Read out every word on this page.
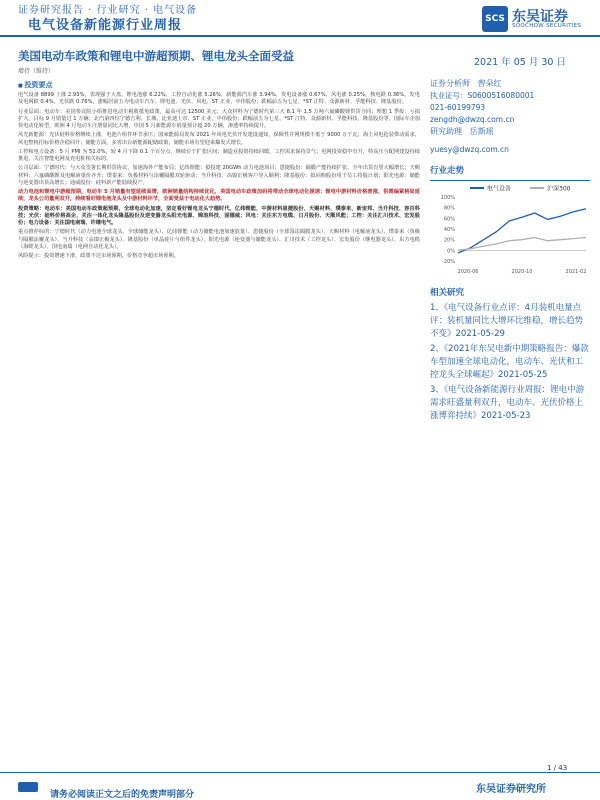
证券研究报告 · 行业研究 · 电气设备
电气设备新能源行业周报	SCS 东吴证券
SOOCHOW SECURITIES
美国电动车政策和锂电中游超预期、锂电龙头全面受益	2021 年 05 月 30 日
增持（维持）
■ 投资要点

电气设备 8899 上涨 2.93%，表现强于大盘。锂电池涨 6.22%，工控自动化涨 5.26%，新能源汽车涨 3.94%，发电设备涨 0.67%，风电涨 0.25%，核电跌 0.36%，发电及电网跌 0.4%，光伏跌 0.76%，涨幅居前五为电动车汽车、锂电池、光伏、风电、ST 正业、中伟股份；跌幅前五为七星、*ST 江特、众源新材、孚能科技、隆基股份。

行业层面：电动车：美国参议院小组推进电动车税收抵免政策，最高可达 12500 美元；大众材料为宁德时代第三大 8.1 年 1.5 万吨六氟磷酸锂供货合同；理想 1 季报：亏损扩大，目标 9 月销量过 1 万辆；北汽第四位宁德吉利、长城、比亚迪上市、ST 正业、中伟股份；跌幅前五为七星、*ST 江特、众源新材、孚能科技、隆基股份等。国际车企加快电动化转型，欧洲 4 月电动车注册量同比大增，中国 5 月新能源车销量预计超 20 万辆，渗透率持续提升。

风光新能源：光伏硅料价格继续上涨，电池片组件环节承压；国家能源局发布 2021 年风电光伏开发建设通知，保障性并网规模不低于 9000 万千瓦；海上风电抢装带动需求，风电整机招标价格企稳回升；储能方面，多省出台新能源配储政策，储能市场有望迎来爆发式增长。

工控和电力设备：5 月 PMI 为 51.0%，较 4 月下降 0.1 个百分点，继续位于扩张区间；制造业投资持续回暖，工控需求保持景气；电网投资稳中有升，特高压与配网建设持续推进，关注智能电网及充电桩相关标的。

公司层面：宁德时代：与大众签署长期供货协议，加速海外产能布局；亿纬锂能：拟投建 20GWh 动力电池项目；恩捷股份：隔膜产能持续扩张，全年出货有望大幅增长；天赐材料：六氟磷酸锂及电解液量价齐升；璞泰来：负极材料与涂覆隔膜双轮驱动；当升科技：高镍正极客户导入顺利；隆基股份：拟回购股份用于员工持股计划；阳光电源：储能与逆变器出货高增长；通威股份：硅料新产能陆续投产。

动力电池和锂电中游超预期，电动车 5 月销量有望延续高增，欧洲销量结构持续优化，美国电动车政策加码将带动全球电动化提速；锂电中游材料价格普涨，供需偏紧格局延续，龙头公司量利双升，持续看好锂电池龙头及中游材料环节，全面受益于电动化大趋势。

投资策略：电动车：美国电动车政策超预期，全球电动化加速，坚定看好锂电龙头宁德时代、亿纬锂能，中游材料恩捷股份、天赐材料、璞泰来、新宙邦、当升科技、容百科技；光伏：硅料价格高企，关注一体化龙头隆基股份及逆变器龙头阳光电源、锦浪科技、固德威；风电：关注东方电缆、日月股份、天顺风能；工控：关注汇川技术、宏发股份；电力设备：关注国电南瑞、许继电气。

重点推荐标的：宁德时代（动力电池全球龙头、全球储能龙头）、亿纬锂能（动力储能电池加速放量）、恩捷股份（全球湿法隔膜龙头）、天赐材料（电解液龙头）、璞泰来（负极与隔膜涂覆龙头）、当升科技（高镍正极龙头）、隆基股份（单晶硅片与组件龙头）、阳光电源（逆变器与储能龙头）、汇川技术（工控龙头）、宏发股份（继电器龙头）、东方电缆（海缆龙头）、国电南瑞（电网自动化龙头）。

风险提示：投资增速下滑，政策不达市场预期，价格竞争超市场预期。

证券分析师 曾朵红
执业证号：S0600516080001
021-60199793
zengdh@dwzq.com.cn
研究助理 岳斯瑶
yuesy@dwzq.com.cn
行业走势
电气设备	沪深300
100%
80%
60%
40%
20%
0%
-20%
2020-06	2020-10	2021-02
相关研究
1、《电气设备行业点评：4月装机电量点评：装机量同比大增环比维稳，增长趋势不变》2021-05-29
2、《2021年东吴电新中期策略报告：爆款车型加速全球电动化，电动车、光伏和工控龙头全球崛起》2021-05-25
3、《电气设备新能源行业周报：锂电中游需求旺盛量利双升，电动车、光伏价格上涨博弈持续》2021-05-23
1 / 43
请务必阅读正文之后的免责声明部分	东吴证券研究所
